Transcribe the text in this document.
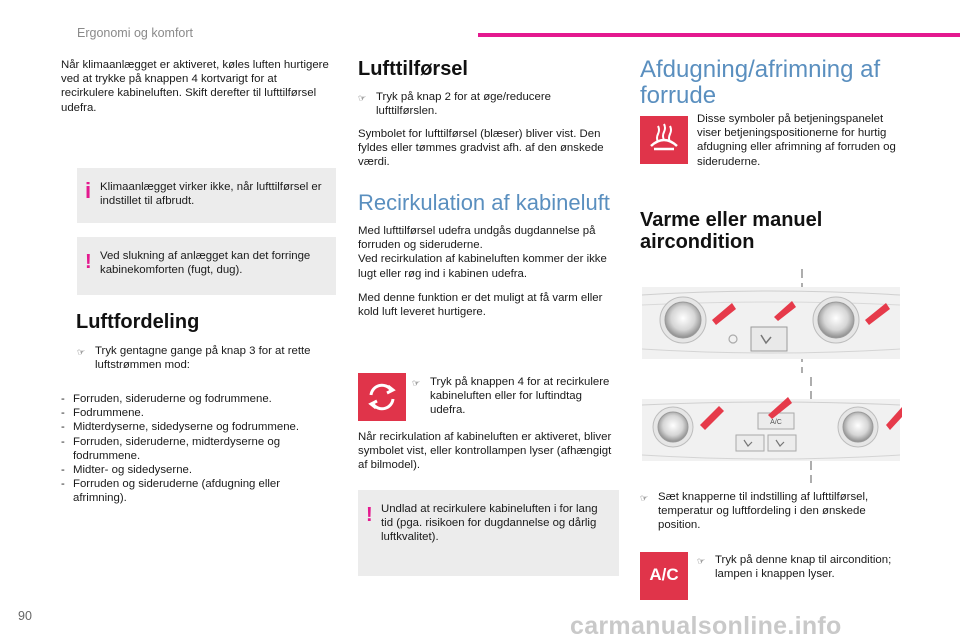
Ergonomi og komfort
Når klimaanlægget er aktiveret, køles luften hurtigere ved at trykke på knappen 4 kortvarigt for at recirkulere kabineluften. Skift derefter til lufttilførsel udefra.
i Klimaanlægget virker ikke, når lufttilførsel er indstillet til afbrudt.
! Ved slukning af anlægget kan det forringe kabinekomforten (fugt, dug).
Luftfordeling
☞ Tryk gentagne gange på knap 3 for at rette luftstrømmen mod:
- Forruden, sideruderne og fodrummene.
- Fodrummene.
- Midterdyserne, sidedyserne og fodrummene.
- Forruden, sideruderne, midterdyserne og fodrummene.
- Midter- og sidedyserne.
- Forruden og sideruderne (afdugning eller afrimning).
Lufttilførsel
☞ Tryk på knap 2 for at øge/reducere lufttilførslen.
Symbolet for lufttilførsel (blæser) bliver vist. Den fyldes eller tømmes gradvist afh. af den ønskede værdi.
Recirkulation af kabineluft
Med lufttilførsel udefra undgås dugdannelse på forruden og sideruderne.
Ved recirkulation af kabineluften kommer der ikke lugt eller røg ind i kabinen udefra.
Med denne funktion er det muligt at få varm eller kold luft leveret hurtigere.
☞ Tryk på knappen 4 for at recirkulere kabineluften eller for luftindtag udefra.
Når recirkulation af kabineluften er aktiveret, bliver symbolet vist, eller kontrollampen lyser (afhængigt af bilmodel).
! Undlad at recirkulere kabineluften i for lang tid (pga. risikoen for dugdannelse og dårlig luftkvalitet).
Afdugning/afrimning af forrude
Disse symboler på betjeningspanelet viser betjeningspositionerne for hurtig afdugning eller afrimning af forruden og sideruderne.
Varme eller manuel aircondition
A/C
☞ Sæt knapperne til indstilling af lufttilførsel, temperatur og luftfordeling i den ønskede position.
A/C
☞ Tryk på denne knap til aircondition; lampen i knappen lyser.
90	carmanualsonline.info
